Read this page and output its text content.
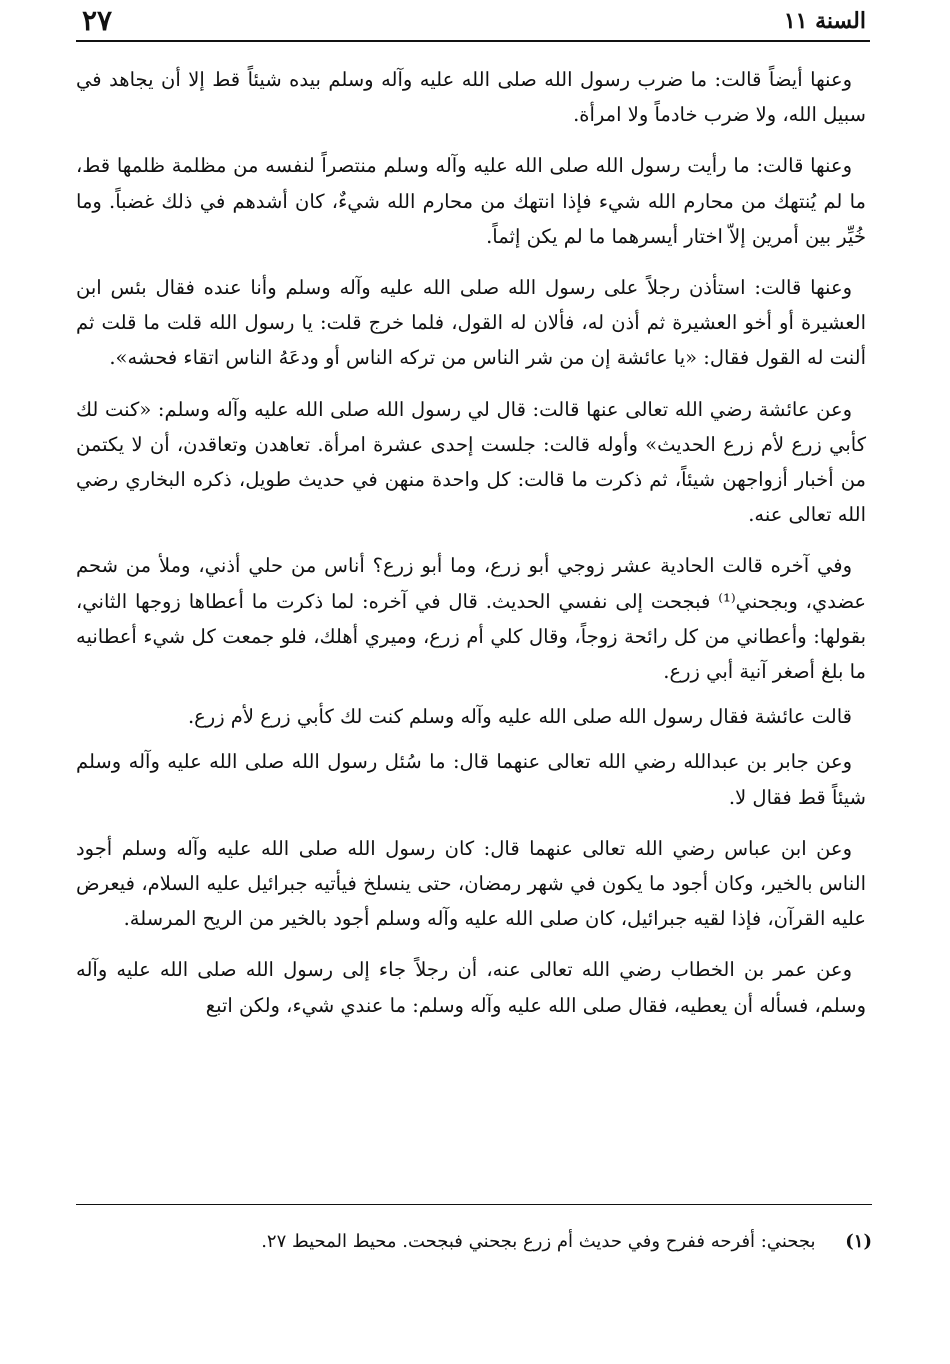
السنة ١١
٢٧

وعنها أيضاً قالت: ما ضرب رسول الله صلى الله عليه وآله وسلم بيده شيئاً قط إلا أن يجاهد في سبيل الله، ولا ضرب خادماً ولا امرأة.

وعنها قالت: ما رأيت رسول الله صلى الله عليه وآله وسلم منتصراً لنفسه من مظلمة ظلمها قط، ما لم يُنتهك من محارم الله شيء فإذا انتهك من محارم الله شيءٌ، كان أشدهم في ذلك غضباً. وما خُيِّر بين أمرين إلاّ اختار أيسرهما ما لم يكن إثماً.

وعنها قالت: استأذن رجلاً على رسول الله صلى الله عليه وآله وسلم وأنا عنده فقال بئس ابن العشيرة أو أخو العشيرة ثم أذن له، فألان له القول، فلما خرج قلت: يا رسول الله قلت ما قلت ثم ألنت له القول فقال: «يا عائشة إن من شر الناس من تركه الناس أو ودعَهُ الناس اتقاء فحشه».

وعن عائشة رضي الله تعالى عنها قالت: قال لي رسول الله صلى الله عليه وآله وسلم: «كنت لك كأبي زرع لأم زرع الحديث» وأوله قالت: جلست إحدى عشرة امرأة. تعاهدن وتعاقدن، أن لا يكتمن من أخبار أزواجهن شيئاً، ثم ذكرت ما قالت: كل واحدة منهن في حديث طويل، ذكره البخاري رضي الله تعالى عنه.

وفي آخره قالت الحادية عشر زوجي أبو زرع، وما أبو زرع؟ أناس من حلي أذني، وملأ من شحم عضدي، وبجحني⁽¹⁾ فبجحت إلى نفسي الحديث. قال في آخره: لما ذكرت ما أعطاها زوجها الثاني، بقولها: وأعطاني من كل رائحة زوجاً، وقال كلي أم زرع، وميري أهلك، فلو جمعت كل شيء أعطانيه ما بلغ أصغر آنية أبي زرع.

قالت عائشة فقال رسول الله صلى الله عليه وآله وسلم كنت لك كأبي زرع لأم زرع.

وعن جابر بن عبدالله رضي الله تعالى عنهما قال: ما سُئل رسول الله صلى الله عليه وآله وسلم شيئاً قط فقال لا.

وعن ابن عباس رضي الله تعالى عنهما قال: كان رسول الله صلى الله عليه وآله وسلم أجود الناس بالخير، وكان أجود ما يكون في شهر رمضان، حتى ينسلخ فيأتيه جبرائيل عليه السلام، فيعرض عليه القرآن، فإذا لقيه جبرائيل، كان صلى الله عليه وآله وسلم أجود بالخير من الريح المرسلة.

وعن عمر بن الخطاب رضي الله تعالى عنه، أن رجلاً جاء إلى رسول الله صلى الله عليه وآله وسلم، فسأله أن يعطيه، فقال صلى الله عليه وآله وسلم: ما عندي شيء، ولكن اتبع

(١) بجحني: أفرحه ففرح وفي حديث أم زرع بجحني فبجحت. محيط المحيط ٢٧.
